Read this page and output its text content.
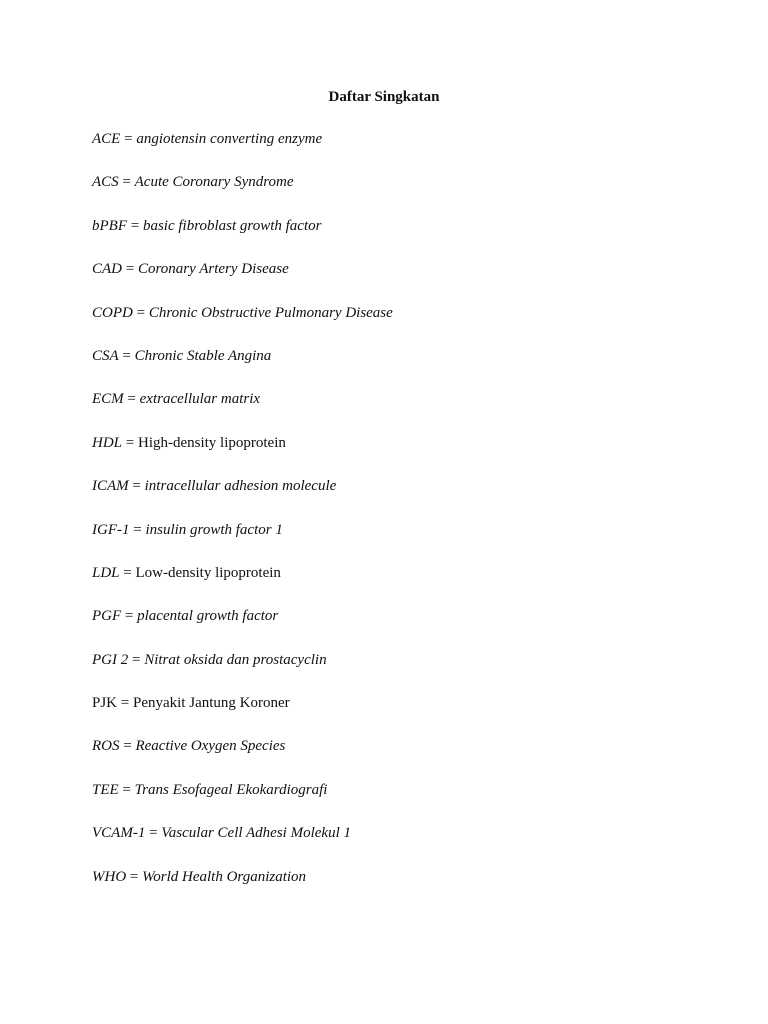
Daftar Singkatan
ACE = angiotensin converting enzyme
ACS = Acute Coronary Syndrome
bPBF = basic fibroblast growth factor
CAD = Coronary Artery Disease
COPD = Chronic Obstructive Pulmonary Disease
CSA = Chronic Stable Angina
ECM = extracellular matrix
HDL = High-density lipoprotein
ICAM = intracellular adhesion molecule
IGF-1 = insulin growth factor 1
LDL = Low-density lipoprotein
PGF = placental growth factor
PGI 2 = Nitrat oksida dan prostacyclin
PJK = Penyakit Jantung Koroner
ROS = Reactive Oxygen Species
TEE = Trans Esofageal Ekokardiografi
VCAM-1 = Vascular Cell Adhesi Molekul 1
WHO = World Health Organization
